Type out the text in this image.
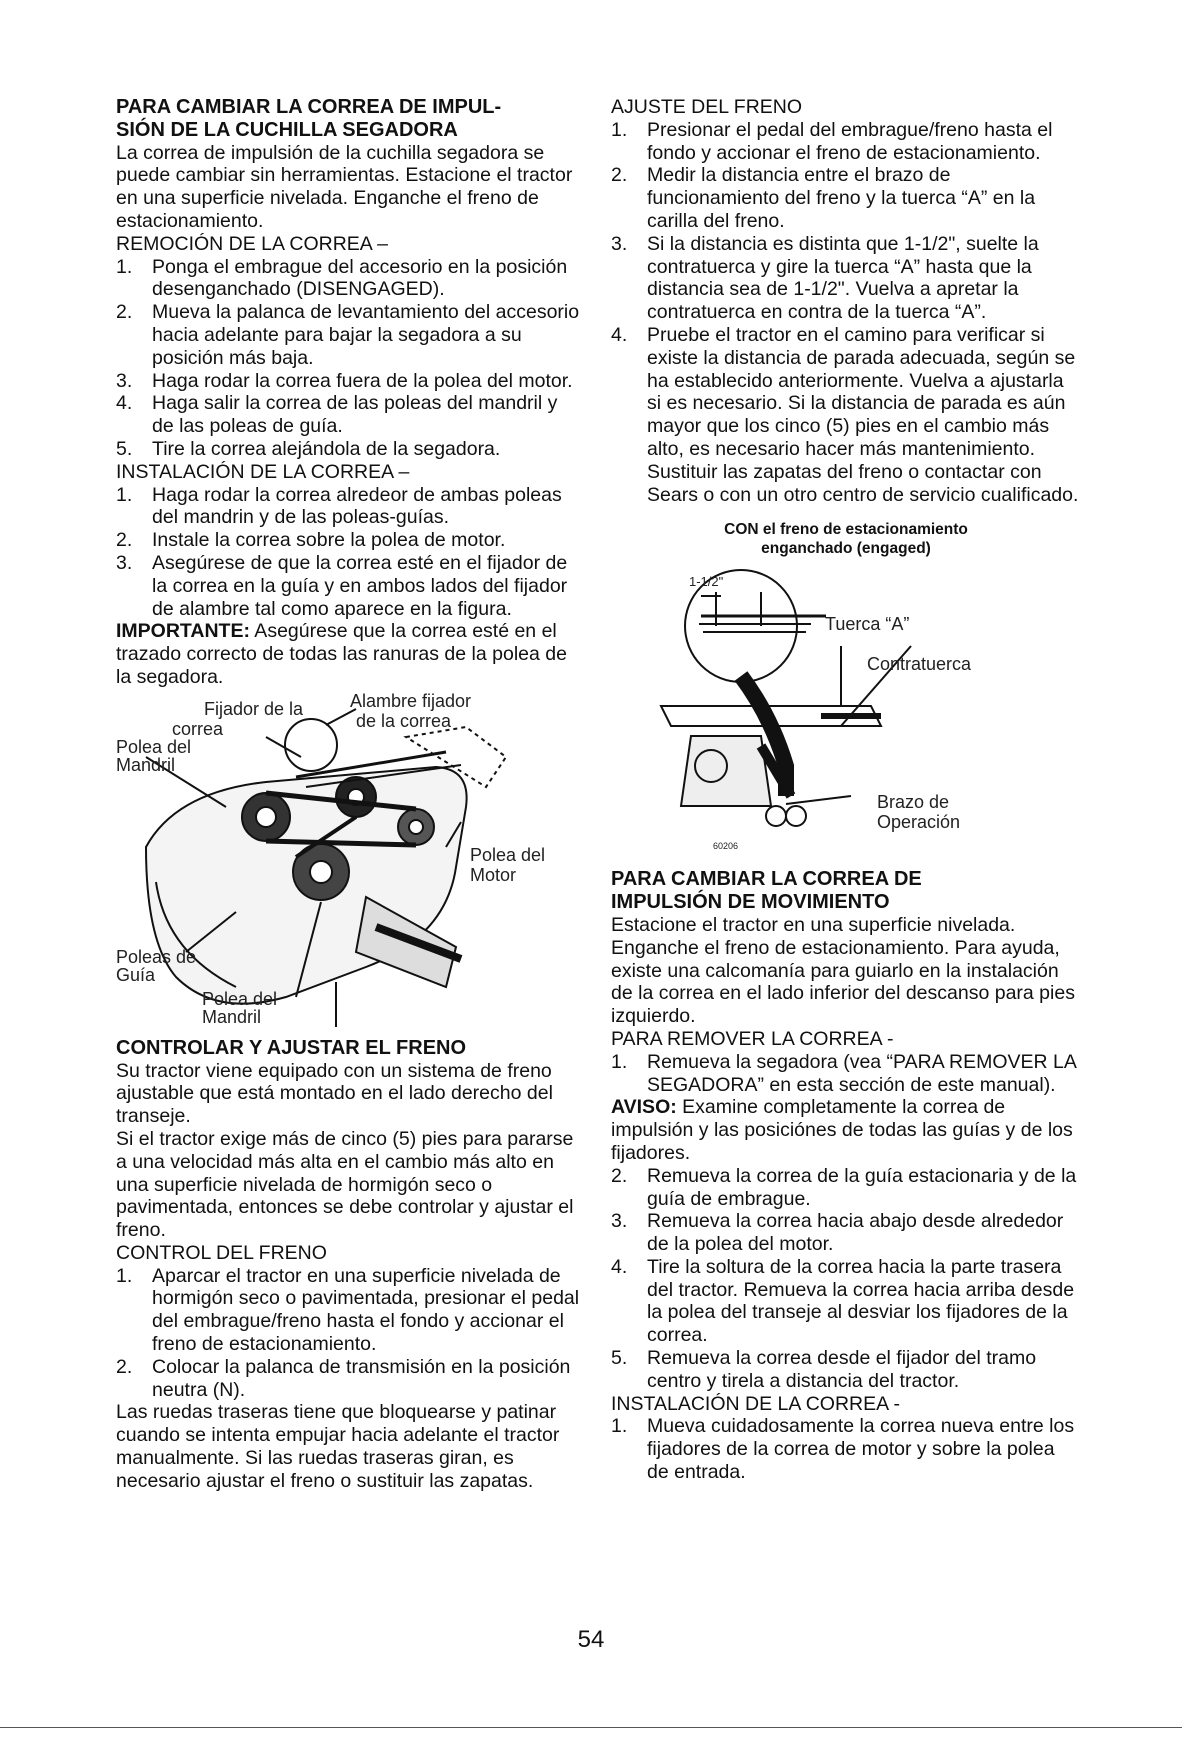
PARA CAMBIAR LA CORREA DE IMPUL-

SIÓN DE LA CUCHILLA SEGADORA

La correa de impulsión de la cuchilla segadora se puede cambiar sin herramientas. Estacione el tractor en una superficie nivelada. Enganche el freno de estacionamiento.

REMOCIÓN DE LA CORREA –

1. Ponga el embrague del accesorio en la posición desenganchado (DISENGAGED).
2. Mueva la palanca de levantamiento del accesorio hacia adelante para bajar la segadora a su posición más baja.
3. Haga rodar la correa fuera de la polea del motor.
4. Haga salir la correa de las poleas del mandril y de las poleas de guía.
5. Tire la correa alejándola de la segadora.

INSTALACIÓN DE LA CORREA –

1. Haga rodar la correa alredeor de ambas poleas del mandrin y de las poleas-guías.
2. Instale la correa sobre la polea de motor.
3. Asegúrese de que la correa esté en el fijador de la correa en la guía y en ambos lados del fijador de alambre tal como aparece en la figura.

IMPORTANTE: Asegúrese que la correa esté en el trazado correcto de todas las ranuras de la polea de la segadora.

Fijador de la
correa
Alambre fijador
de la correa
Polea del
Mandril
Polea del
Motor
Poleas de
Guía
Polea del
Mandril

CONTROLAR Y AJUSTAR EL FRENO

Su tractor viene equipado con un sistema de freno ajustable que está montado en el lado derecho del transeje.

Si el tractor exige más de cinco (5) pies para pararse a una velocidad más alta en el cambio más alto en una superficie nivelada de hormigón seco o pavimentada, entonces se debe controlar y ajustar el freno.

CONTROL DEL FRENO

1. Aparcar el tractor en una superficie nivelada de hormigón seco o pavimentada, presionar el pedal del embrague/freno hasta el fondo y accionar el freno de estacionamiento.
2. Colocar la palanca de transmisión en la posición neutra (N).

Las ruedas traseras tiene que bloquearse y patinar cuando se intenta empujar hacia adelante el tractor manualmente. Si las ruedas traseras giran, es necesario ajustar el freno o sustituir las zapatas.

AJUSTE DEL FRENO

1. Presionar el pedal del embrague/freno hasta el fondo y accionar el freno de estacionamiento.
2. Medir la distancia entre el brazo de funcionamiento del freno y la tuerca “A” en la carilla del freno.
3. Si la distancia es distinta que 1-1/2", suelte la contratuerca y gire la tuerca “A” hasta que la distancia sea de 1-1/2". Vuelva a apretar la contratuerca en contra de la tuerca “A”.
4. Pruebe el tractor en el camino para verificar si existe la distancia de parada adecuada, según se ha establecido anteriormente. Vuelva a ajustarla si es necesario. Si la distancia de parada es aún mayor que los cinco (5) pies en el cambio más alto, es necesario hacer más mantenimiento. Sustituir las zapatas del freno o contactar con Sears o con un otro centro de servicio cualificado.
CON el freno de estacionamiento
enganchado (engaged)
1-1/2"
Tuerca “A”
Contratuerca
Brazo de
Operación
60206

PARA CAMBIAR LA CORREA DE

IMPULSIÓN DE MOVIMIENTO

Estacione el tractor en una superficie nivelada. Enganche el freno de estacionamiento. Para ayuda, existe una calcomanía para guiarlo en la instalación de la correa en el lado inferior del descanso para pies izquierdo.

PARA REMOVER LA CORREA -

1. Remueva la segadora (vea “PARA REMOVER LA SEGADORA” en esta sección de este manual).

AVISO: Examine completamente la correa de impulsión y las posiciónes de todas las guías y de los fijadores.

2. Remueva la correa de la guía estacionaria y de la guía de embrague.
3. Remueva la correa hacia abajo desde alrededor de la polea del motor.
4. Tire la soltura de la correa hacia la parte trasera del tractor. Remueva la correa hacia arriba desde la polea del transeje al desviar los fijadores de la correa.
5. Remueva la correa desde el fijador del tramo centro y tirela a distancia del tractor.

INSTALACIÓN DE LA CORREA -

1. Mueva cuidadosamente la correa nueva entre los fijadores de la correa de motor y sobre la polea de entrada.
54
